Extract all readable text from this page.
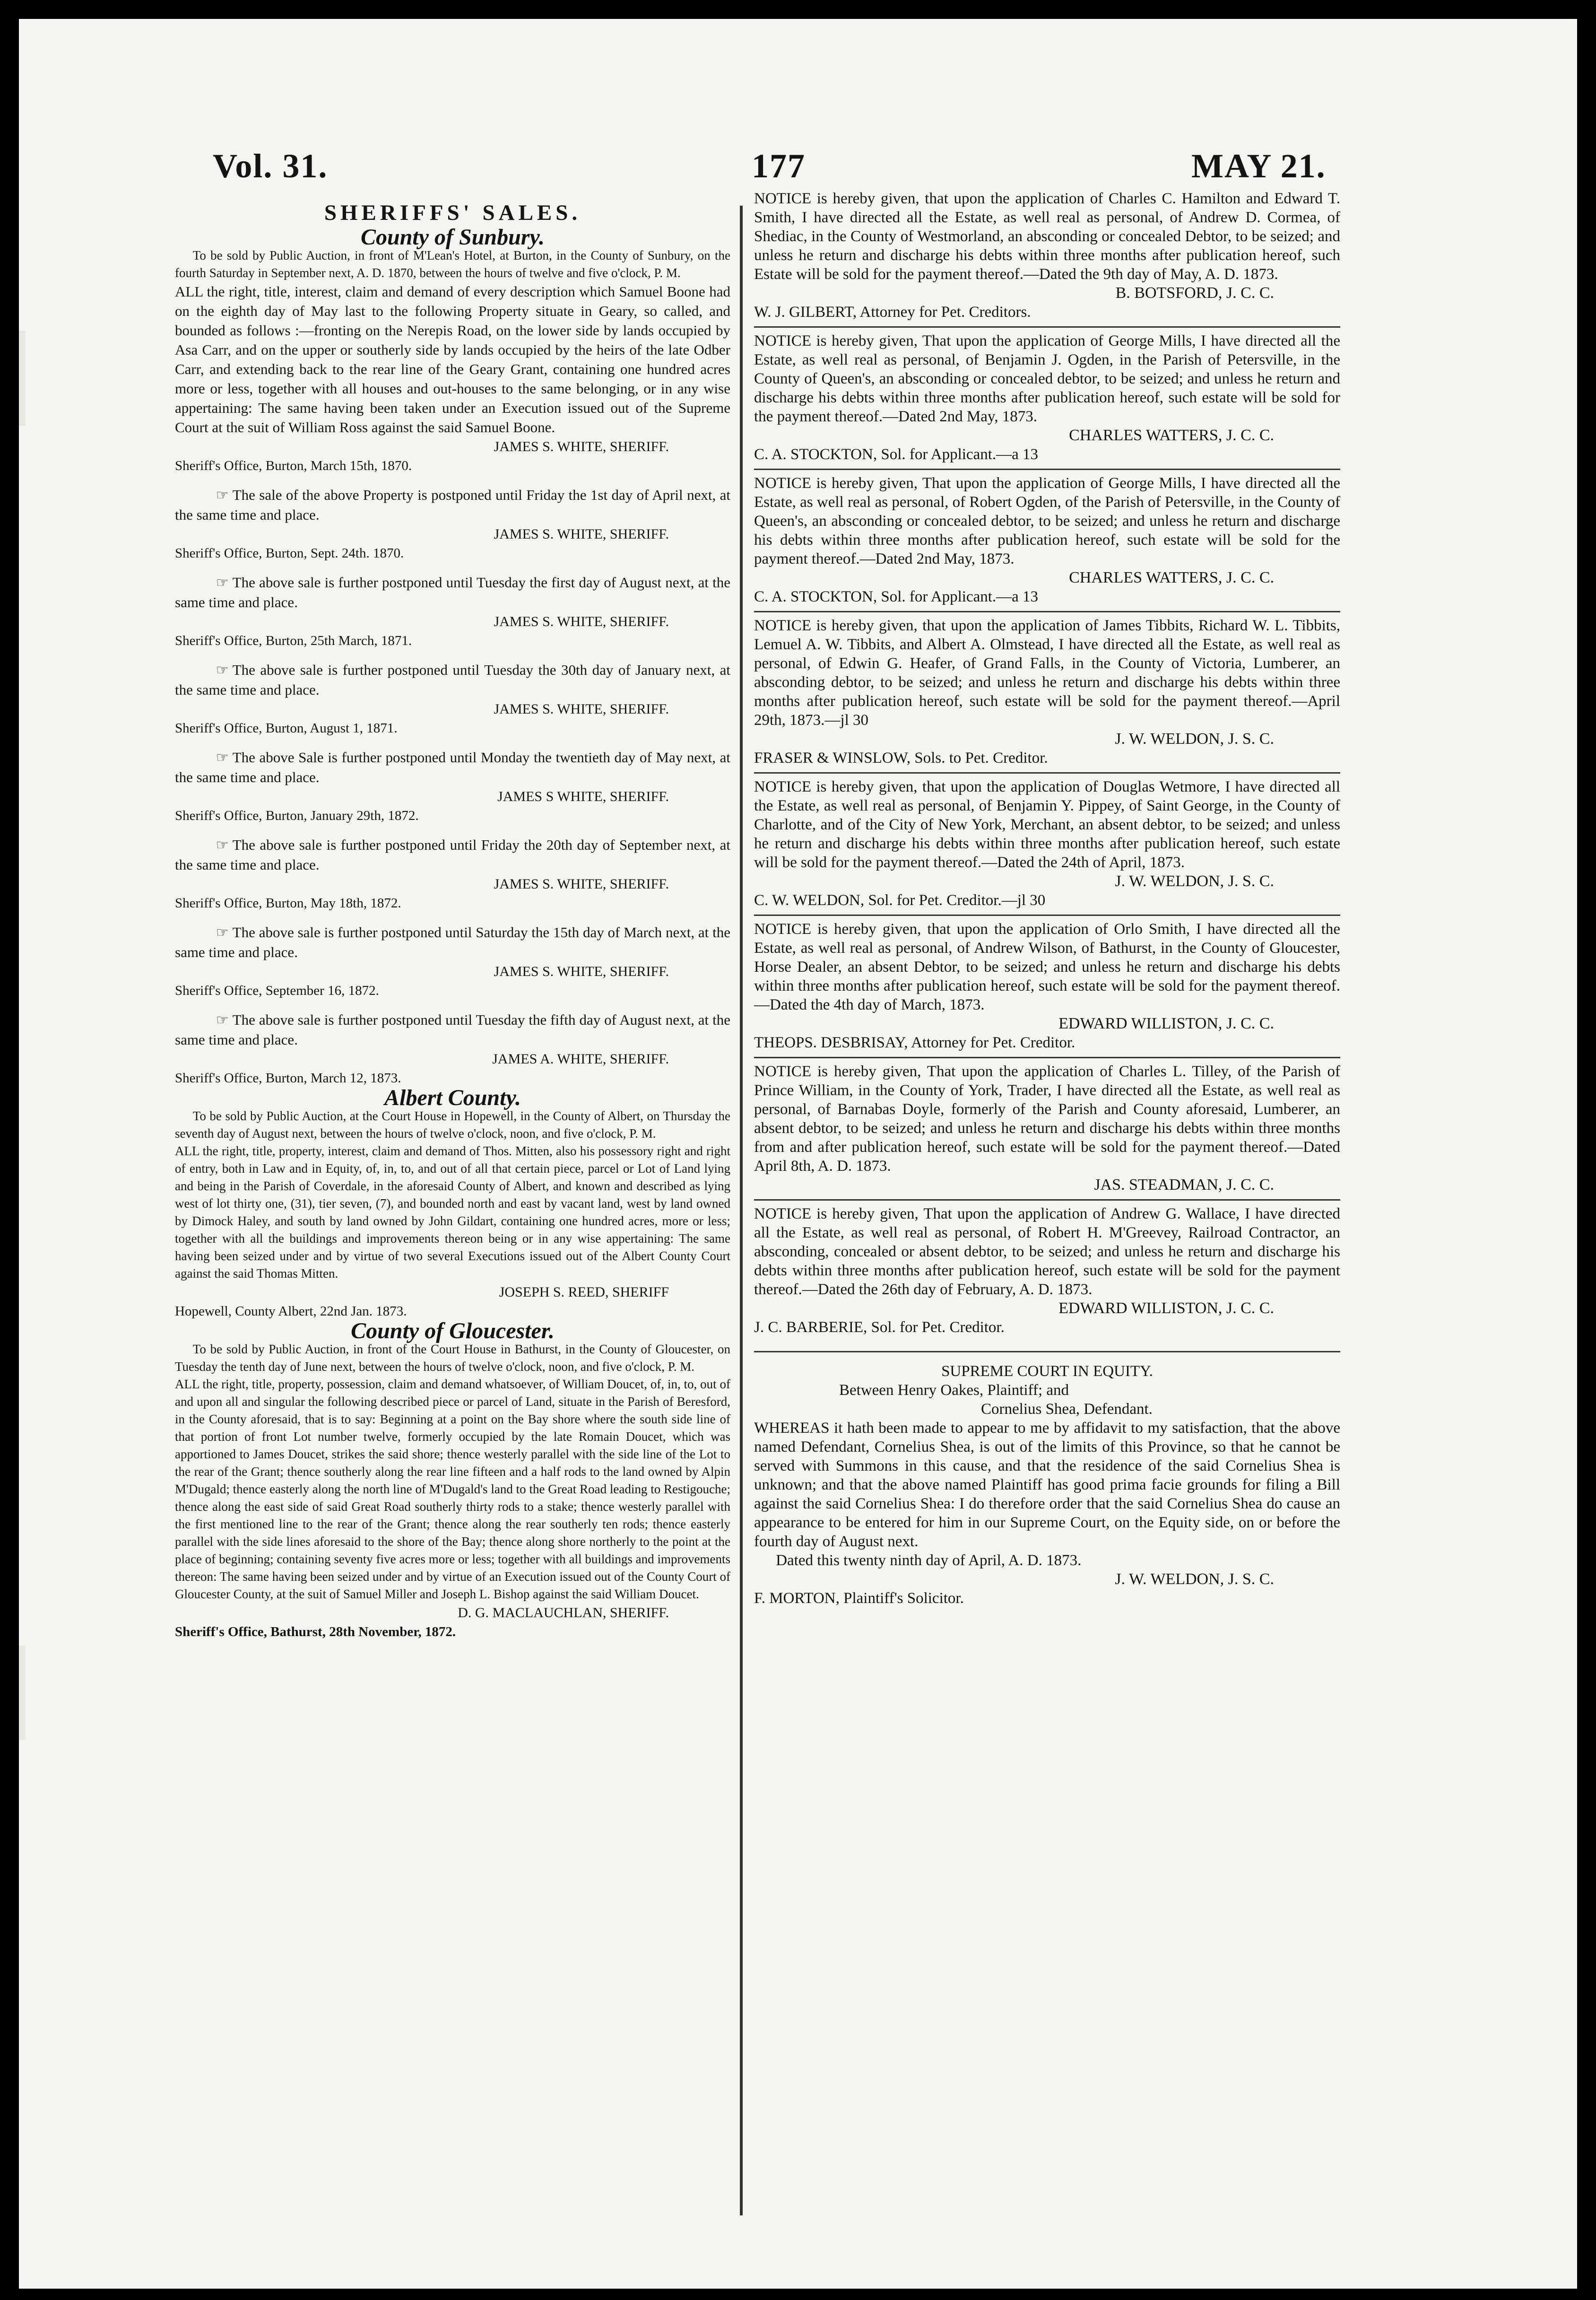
Vol. 31.	177	MAY 21.

SHERIFFS' SALES.

County of Sunbury.

To be sold by Public Auction, in front of M'Lean's Hotel, at Burton, in the County of Sunbury, on the fourth Saturday in September next, A. D. 1870, between the hours of twelve and five o'clock, P. M.

ALL the right, title, interest, claim and demand of every description which Samuel Boone had on the eighth day of May last to the following Property situate in Geary, so called, and bounded as follows :—fronting on the Nerepis Road, on the lower side by lands occupied by Asa Carr, and on the upper or southerly side by lands occupied by the heirs of the late Odber Carr, and extending back to the rear line of the Geary Grant, containing one hundred acres more or less, together with all houses and out-houses to the same belonging, or in any wise appertaining: The same having been taken under an Execution issued out of the Supreme Court at the suit of William Ross against the said Samuel Boone.

JAMES S. WHITE, SHERIFF.

Sheriff's Office, Burton, March 15th, 1870.

☞ The sale of the above Property is postponed until Friday the 1st day of April next, at the same time and place.

JAMES S. WHITE, SHERIFF.

Sheriff's Office, Burton, Sept. 24th. 1870.

☞ The above sale is further postponed until Tuesday the first day of August next, at the same time and place.

JAMES S. WHITE, SHERIFF.

Sheriff's Office, Burton, 25th March, 1871.

☞ The above sale is further postponed until Tuesday the 30th day of January next, at the same time and place.

JAMES S. WHITE, SHERIFF.

Sheriff's Office, Burton, August 1, 1871.

☞ The above Sale is further postponed until Monday the twentieth day of May next, at the same time and place.

JAMES S WHITE, SHERIFF.

Sheriff's Office, Burton, January 29th, 1872.

☞ The above sale is further postponed until Friday the 20th day of September next, at the same time and place.

JAMES S. WHITE, SHERIFF.

Sheriff's Office, Burton, May 18th, 1872.

☞ The above sale is further postponed until Saturday the 15th day of March next, at the same time and place.

JAMES S. WHITE, SHERIFF.

Sheriff's Office, September 16, 1872.

☞ The above sale is further postponed until Tuesday the fifth day of August next, at the same time and place.

JAMES A. WHITE, SHERIFF.

Sheriff's Office, Burton, March 12, 1873.

Albert County.

To be sold by Public Auction, at the Court House in Hopewell, in the County of Albert, on Thursday the seventh day of August next, between the hours of twelve o'clock, noon, and five o'clock, P. M.

ALL the right, title, property, interest, claim and demand of Thos. Mitten, also his possessory right and right of entry, both in Law and in Equity, of, in, to, and out of all that certain piece, parcel or Lot of Land lying and being in the Parish of Coverdale, in the aforesaid County of Albert, and known and described as lying west of lot thirty one, (31), tier seven, (7), and bounded north and east by vacant land, west by land owned by Dimock Haley, and south by land owned by John Gildart, containing one hundred acres, more or less; together with all the buildings and improvements thereon being or in any wise appertaining: The same having been seized under and by virtue of two several Executions issued out of the Albert County Court against the said Thomas Mitten.

JOSEPH S. REED, SHERIFF

Hopewell, County Albert, 22nd Jan. 1873.

County of Gloucester.

To be sold by Public Auction, in front of the Court House in Bathurst, in the County of Gloucester, on Tuesday the tenth day of June next, between the hours of twelve o'clock, noon, and five o'clock, P. M.

ALL the right, title, property, possession, claim and demand whatsoever, of William Doucet, of, in, to, out of and upon all and singular the following described piece or parcel of Land, situate in the Parish of Beresford, in the County aforesaid, that is to say: Beginning at a point on the Bay shore where the south side line of that portion of front Lot number twelve, formerly occupied by the late Romain Doucet, which was apportioned to James Doucet, strikes the said shore; thence westerly parallel with the side line of the Lot to the rear of the Grant; thence southerly along the rear line fifteen and a half rods to the land owned by Alpin M'Dugald; thence easterly along the north line of M'Dugald's land to the Great Road leading to Restigouche; thence along the east side of said Great Road southerly thirty rods to a stake; thence westerly parallel with the first mentioned line to the rear of the Grant; thence along the rear southerly ten rods; thence easterly parallel with the side lines aforesaid to the shore of the Bay; thence along shore northerly to the point at the place of beginning; containing seventy five acres more or less; together with all buildings and improvements thereon: The same having been seized under and by virtue of an Execution issued out of the County Court of Gloucester County, at the suit of Samuel Miller and Joseph L. Bishop against the said William Doucet.

D. G. MACLAUCHLAN, SHERIFF.

Sheriff's Office, Bathurst, 28th November, 1872.

NOTICE is hereby given, that upon the application of Charles C. Hamilton and Edward T. Smith, I have directed all the Estate, as well real as personal, of Andrew D. Cormea, of Shediac, in the County of Westmorland, an absconding or concealed Debtor, to be seized; and unless he return and discharge his debts within three months after publication hereof, such Estate will be sold for the payment thereof.—Dated the 9th day of May, A. D. 1873.

B. BOTSFORD, J. C. C.

W. J. GILBERT, Attorney for Pet. Creditors.

NOTICE is hereby given, That upon the application of George Mills, I have directed all the Estate, as well real as personal, of Benjamin J. Ogden, in the Parish of Petersville, in the County of Queen's, an absconding or concealed debtor, to be seized; and unless he return and discharge his debts within three months after publication hereof, such estate will be sold for the payment thereof.—Dated 2nd May, 1873.

CHARLES WATTERS, J. C. C.

C. A. STOCKTON, Sol. for Applicant.—a 13

NOTICE is hereby given, That upon the application of George Mills, I have directed all the Estate, as well real as personal, of Robert Ogden, of the Parish of Petersville, in the County of Queen's, an absconding or concealed debtor, to be seized; and unless he return and discharge his debts within three months after publication hereof, such estate will be sold for the payment thereof.—Dated 2nd May, 1873.

CHARLES WATTERS, J. C. C.

C. A. STOCKTON, Sol. for Applicant.—a 13

NOTICE is hereby given, that upon the application of James Tibbits, Richard W. L. Tibbits, Lemuel A. W. Tibbits, and Albert A. Olmstead, I have directed all the Estate, as well real as personal, of Edwin G. Heafer, of Grand Falls, in the County of Victoria, Lumberer, an absconding debtor, to be seized; and unless he return and discharge his debts within three months after publication hereof, such estate will be sold for the payment thereof.—April 29th, 1873.—jl 30

J. W. WELDON, J. S. C.

FRASER & WINSLOW, Sols. to Pet. Creditor.

NOTICE is hereby given, that upon the application of Douglas Wetmore, I have directed all the Estate, as well real as personal, of Benjamin Y. Pippey, of Saint George, in the County of Charlotte, and of the City of New York, Merchant, an absent debtor, to be seized; and unless he return and discharge his debts within three months after publication hereof, such estate will be sold for the payment thereof.—Dated the 24th of April, 1873.

J. W. WELDON, J. S. C.

C. W. WELDON, Sol. for Pet. Creditor.—jl 30

NOTICE is hereby given, that upon the application of Orlo Smith, I have directed all the Estate, as well real as personal, of Andrew Wilson, of Bathurst, in the County of Gloucester, Horse Dealer, an absent Debtor, to be seized; and unless he return and discharge his debts within three months after publication hereof, such estate will be sold for the payment thereof. —Dated the 4th day of March, 1873.

EDWARD WILLISTON, J. C. C.

THEOPS. DESBRISAY, Attorney for Pet. Creditor.

NOTICE is hereby given, That upon the application of Charles L. Tilley, of the Parish of Prince William, in the County of York, Trader, I have directed all the Estate, as well real as personal, of Barnabas Doyle, formerly of the Parish and County aforesaid, Lumberer, an absent debtor, to be seized; and unless he return and discharge his debts within three months from and after publication hereof, such estate will be sold for the payment thereof.—Dated April 8th, A. D. 1873.

JAS. STEADMAN, J. C. C.

NOTICE is hereby given, That upon the application of Andrew G. Wallace, I have directed all the Estate, as well real as personal, of Robert H. M'Greevey, Railroad Contractor, an absconding, concealed or absent debtor, to be seized; and unless he return and discharge his debts within three months after publication hereof, such estate will be sold for the payment thereof.—Dated the 26th day of February, A. D. 1873.

EDWARD WILLISTON, J. C. C.

J. C. BARBERIE, Sol. for Pet. Creditor.

SUPREME COURT IN EQUITY.

Between Henry Oakes, Plaintiff; and

Cornelius Shea, Defendant.

WHEREAS it hath been made to appear to me by affidavit to my satisfaction, that the above named Defendant, Cornelius Shea, is out of the limits of this Province, so that he cannot be served with Summons in this cause, and that the residence of the said Cornelius Shea is unknown; and that the above named Plaintiff has good prima facie grounds for filing a Bill against the said Cornelius Shea: I do therefore order that the said Cornelius Shea do cause an appearance to be entered for him in our Supreme Court, on the Equity side, on or before the fourth day of August next.

Dated this twenty ninth day of April, A. D. 1873.

J. W. WELDON, J. S. C.

F. MORTON, Plaintiff's Solicitor.
